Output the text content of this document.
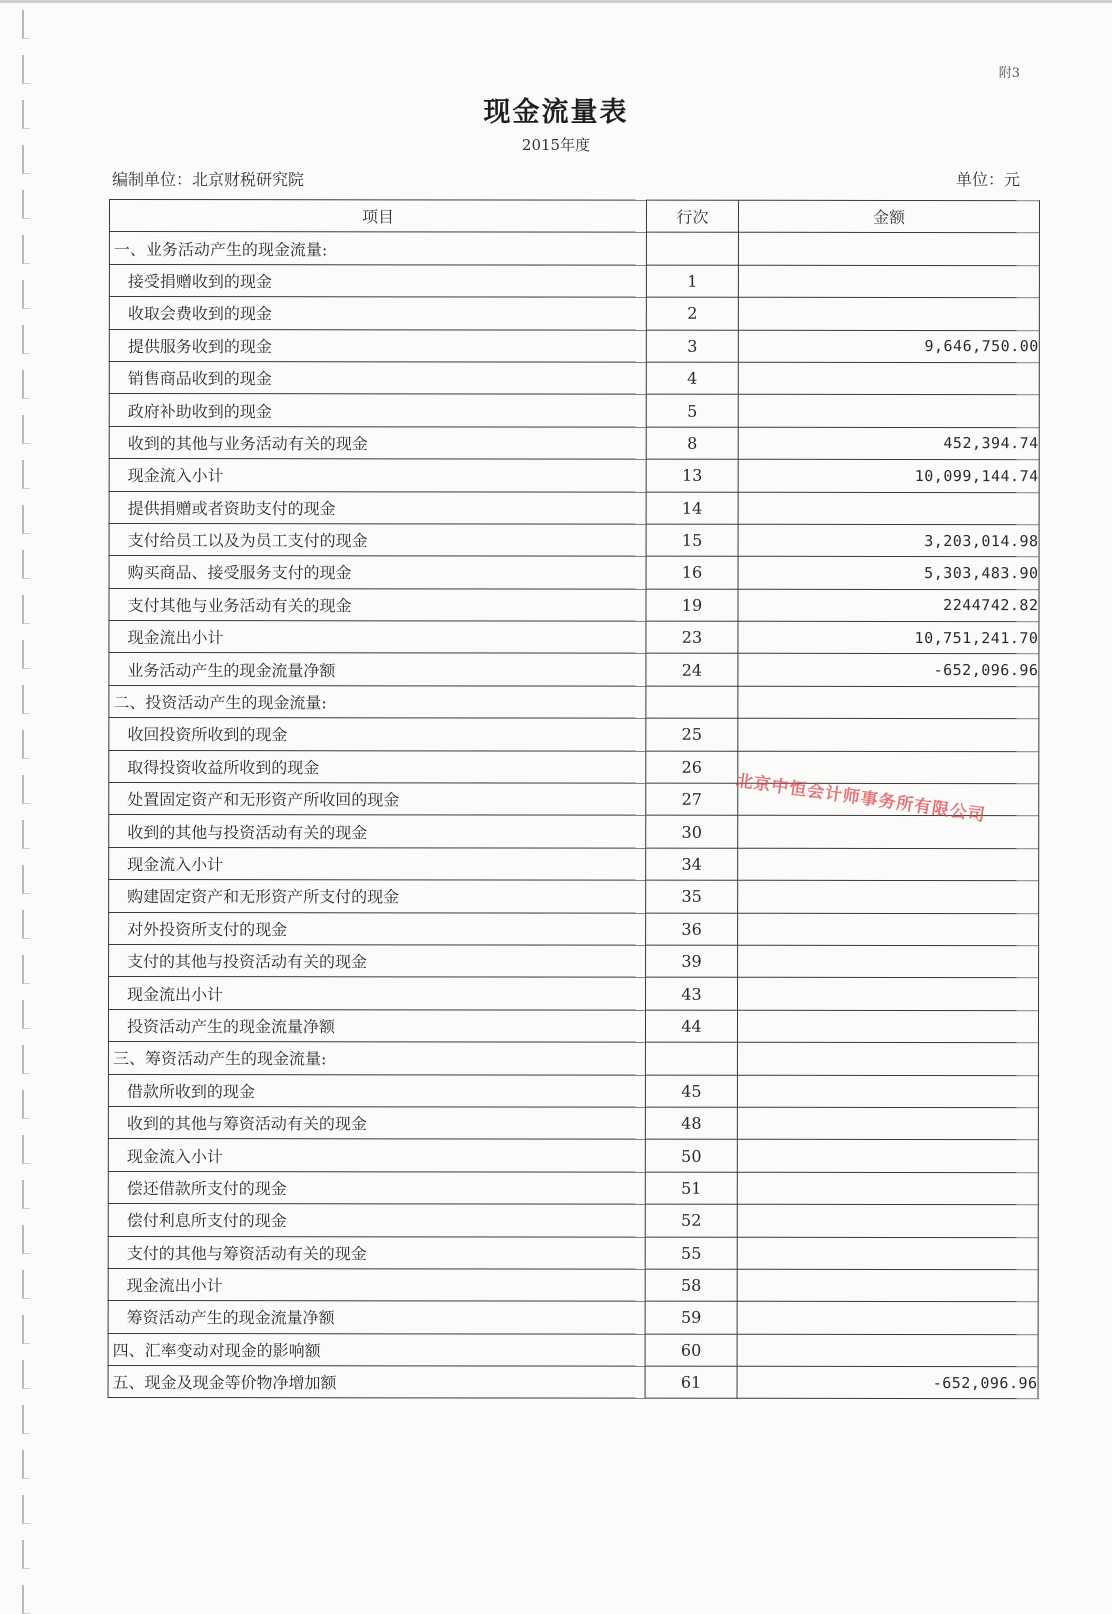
附3
现金流量表
2015年度
编制单位：北京财税研究院	单位：元
项目	行次	金额
一、业务活动产生的现金流量:		
接受捐赠收到的现金	1	
收取会费收到的现金	2	
提供服务收到的现金	3	9,646,750.00
销售商品收到的现金	4	
政府补助收到的现金	5	
收到的其他与业务活动有关的现金	8	452,394.74
现金流入小计	13	10,099,144.74
提供捐赠或者资助支付的现金	14	
支付给员工以及为员工支付的现金	15	3,203,014.98
购买商品、接受服务支付的现金	16	5,303,483.90
支付其他与业务活动有关的现金	19	2244742.82
现金流出小计	23	10,751,241.70
业务活动产生的现金流量净额	24	-652,096.96
二、投资活动产生的现金流量:		
收回投资所收到的现金	25	
取得投资收益所收到的现金	26	
处置固定资产和无形资产所收回的现金	27	
收到的其他与投资活动有关的现金	30	
现金流入小计	34	
购建固定资产和无形资产所支付的现金	35	
对外投资所支付的现金	36	
支付的其他与投资活动有关的现金	39	
现金流出小计	43	
投资活动产生的现金流量净额	44	
三、筹资活动产生的现金流量:		
借款所收到的现金	45	
收到的其他与筹资活动有关的现金	48	
现金流入小计	50	
偿还借款所支付的现金	51	
偿付利息所支付的现金	52	
支付的其他与筹资活动有关的现金	55	
现金流出小计	58	
筹资活动产生的现金流量净额	59	
四、汇率变动对现金的影响额	60	
五、现金及现金等价物净增加额	61	-652,096.96
北京中恒会计师事务所有限公司
